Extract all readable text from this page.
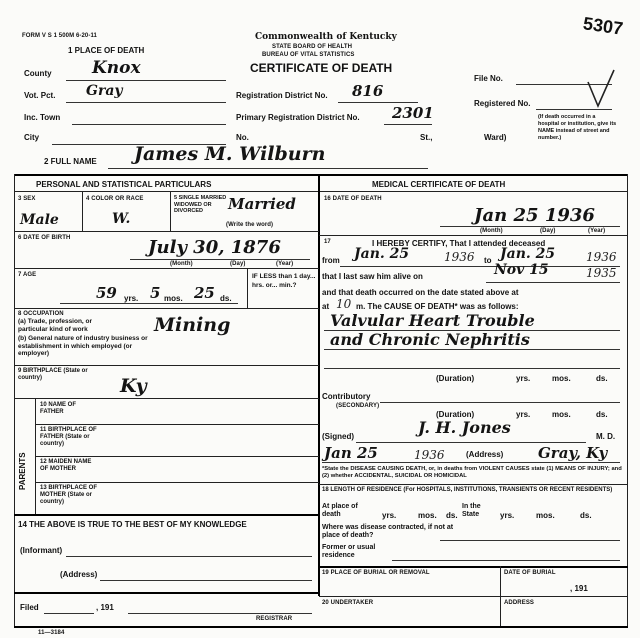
FORM V S 1 500M 6-20-11	Commonwealth of Kentucky
STATE BOARD OF HEALTH
BUREAU OF VITAL STATISTICS
CERTIFICATE OF DEATH
5307
1 PLACE OF DEATH
County Knox
Vot. Pct. Gray
Inc. Town
City
Registration District No. 816
Primary Registration District No. 2301
No.	St.,	Ward)
File No.
Registered No.
(If death occurred in a hospital or institution, give its NAME instead of street and number.)
2 FULL NAME James M. Wilburn
PERSONAL AND STATISTICAL PARTICULARS	MEDICAL CERTIFICATE OF DEATH
3 SEX
Male
4 COLOR OR RACE
W.
5 SINGLE MARRIED WIDOWED OR DIVORCED
(Write the word)
Married
6 DATE OF BIRTH	July 30, 1876
(Month)	(Day)	(Year)
7 AGE
59 yrs. 5 mos. 25 ds.
IF LESS than 1 day... hrs. or... min.?
8 OCCUPATION
(a) Trade, profession, or particular kind of work
(b) General nature of industry business or establishment in which employed (or employer)
Mining
9 BIRTHPLACE (State or country)	Ky
PARENTS
10 NAME OF FATHER
11 BIRTHPLACE OF FATHER (State or country)
12 MAIDEN NAME OF MOTHER
13 BIRTHPLACE OF MOTHER (State or country)
14 THE ABOVE IS TRUE TO THE BEST OF MY KNOWLEDGE
(Informant)
(Address)
Filed	, 191
REGISTRAR
16 DATE OF DEATH
Jan 25 1936
(Month)	(Day)	(Year)
17	I HEREBY CERTIFY, That I attended deceased
from Jan. 25	1936 to Jan. 25	1936
that I last saw him alive on	Nov 15	1935
and that death occurred on the date stated above at
at 10 m. The CAUSE OF DEATH* was as follows:
Valvular Heart Trouble
and Chronic Nephritis
(Duration)	yrs.	mos.	ds.
Contributory
(SECONDARY)
(Duration)	yrs.	mos.	ds.
(Signed)	J. H. Jones	M. D.
Jan 25	1936	Gray, Ky
(Address)
*State the DISEASE CAUSING DEATH, or, in deaths from VIOLENT CAUSES state (1) MEANS OF INJURY; and (2) whether ACCIDENTAL, SUICIDAL OR HOMICIDAL
18 LENGTH OF RESIDENCE (For HOSPITALS, INSTITUTIONS, TRANSIENTS OR RECENT RESIDENTS)
At place of death	yrs.	mos. ds.
In the State	yrs.	mos.	ds.
Where was disease contracted, if not at place of death?
Former or usual residence
19 PLACE OF BURIAL OR REMOVAL	DATE OF BURIAL
, 191
20 UNDERTAKER	ADDRESS
11—3184
